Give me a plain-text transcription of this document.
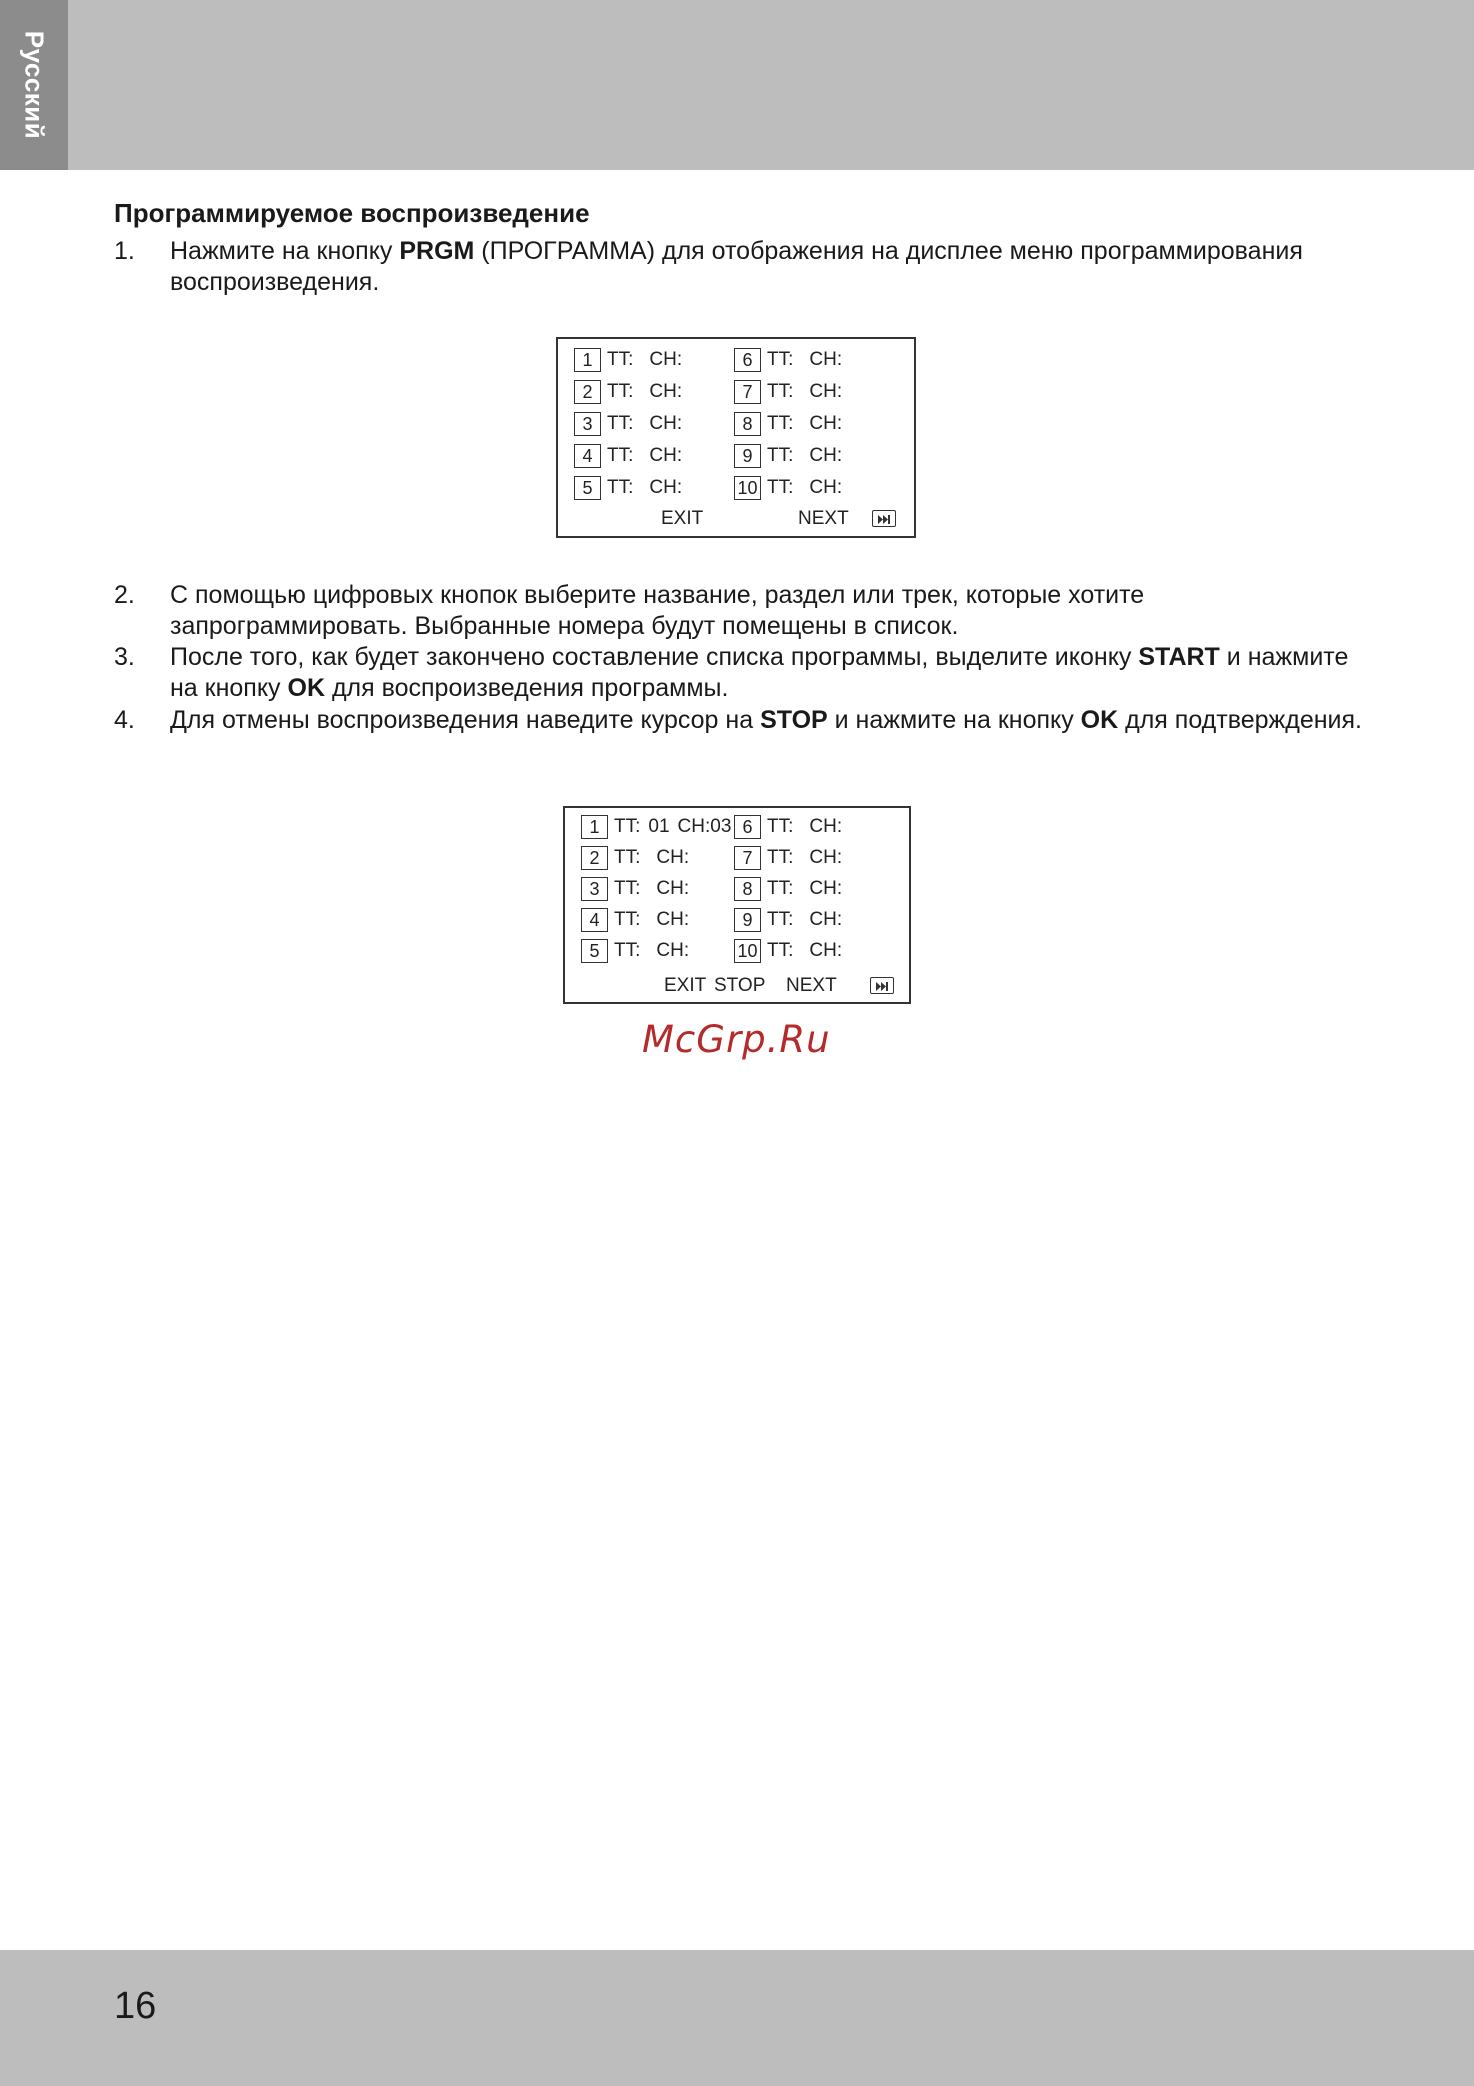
Русский
Программируемое воспроизведение
1. Нажмите на кнопку PRGM (ПРОГРАММА) для отображения на дисплее меню программирования воспроизведения.
EXIT	NEXT
1 TT: CH:
2 TT: CH:
3 TT: CH:
4 TT: CH:
5 TT: CH:
6 TT: CH:
7 TT: CH:
8 TT: CH:
9 TT: CH:
10 TT: CH:
2. С помощью цифровых кнопок выберите название, раздел или трек, которые хотите запрограммировать. Выбранные номера будут помещены в список.
3. После того, как будет закончено составление списка программы, выделите иконку START и нажмите на кнопку OK для воспроизведения программы.
4. Для отмены воспроизведения наведите курсор на STOP и нажмите на кнопку OK для подтверждения.
EXIT STOP NEXT
1 TT: 01 CH:03
2 TT: CH:
3 TT: CH:
4 TT: CH:
5 TT: CH:
6 TT: CH:
7 TT: CH:
8 TT: CH:
9 TT: CH:
10 TT: CH:
McGrp.Ru
16
